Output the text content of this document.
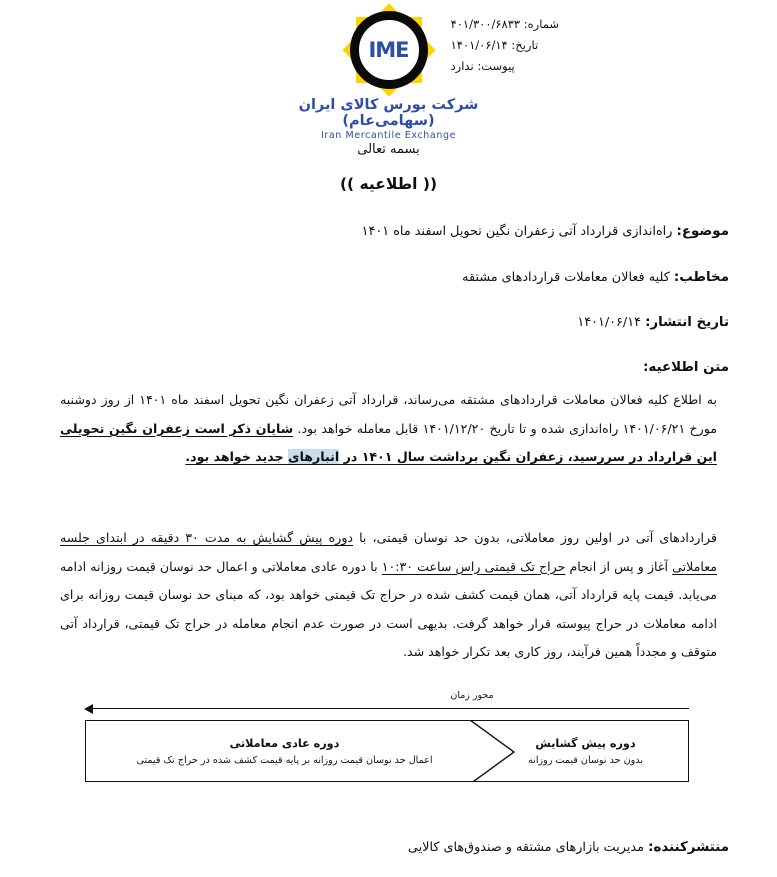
شماره: ۴۰۱/۳۰۰/۶۸۳۳
تاریخ: ۱۴۰۱/۰۶/۱۴
پیوست: ندارد
IME
شرکت بورس کالای ایران (سهامی‌عام)
Iran Mercantile Exchange
بسمه تعالی
(( اطلاعیه ))
موضوع: راه‌اندازی قرارداد آتی زعفران نگین تحویل اسفند ماه ۱۴۰۱
مخاطب: کلیه فعالان معاملات قراردادهای مشتقه
تاریخ انتشار: ۱۴۰۱/۰۶/۱۴
متن اطلاعیه:
به اطلاع کلیه فعالان معاملات قراردادهای مشتقه می‌رساند، قرارداد آتی زعفران نگین تحویل اسفند ماه ۱۴۰۱ از روز دوشنبه مورخ ۱۴۰۱/۰۶/۲۱ راه‌اندازی شده و تا تاریخ ۱۴۰۱/۱۲/۲۰ قابل معامله خواهد بود. شایان ذکر است زعفران نگین تحویلی این قرارداد در سررسید، زعفران نگین برداشت سال ۱۴۰۱ در انبارهای جدید خواهد بود.
قراردادهای آتی در اولین روز معاملاتی، بدون حد نوسان قیمتی، با دوره پیش گشایش به مدت ۳۰ دقیقه در ابتدای جلسه معاملاتی آغاز و پس از انجام حراج تک قیمتی راس ساعت ۱۰:۳۰ با دوره عادی معاملاتی و اعمال حد نوسان قیمت روزانه ادامه می‌یابد. قیمت پایه قرارداد آتی، همان قیمت کشف شده در حراج تک قیمتی خواهد بود، که مبنای حد نوسان قیمت روزانه برای ادامه معاملات در حراج پیوسته قرار خواهد گرفت. بدیهی است در صورت عدم انجام معامله در حراج تک قیمتی، قرارداد آتی متوقف و مجدداً همین فرآیند، روز کاری بعد تکرار خواهد شد.
محور زمان
دوره پیش گشایش
بدون حد نوسان قیمت روزانه
دوره عادی معاملاتی
اعمال حد نوسان قیمت روزانه بر پایه قیمت کشف شده در حراج تک قیمتی
منتشرکننده: مدیریت بازارهای مشتقه و صندوق‌های کالایی
